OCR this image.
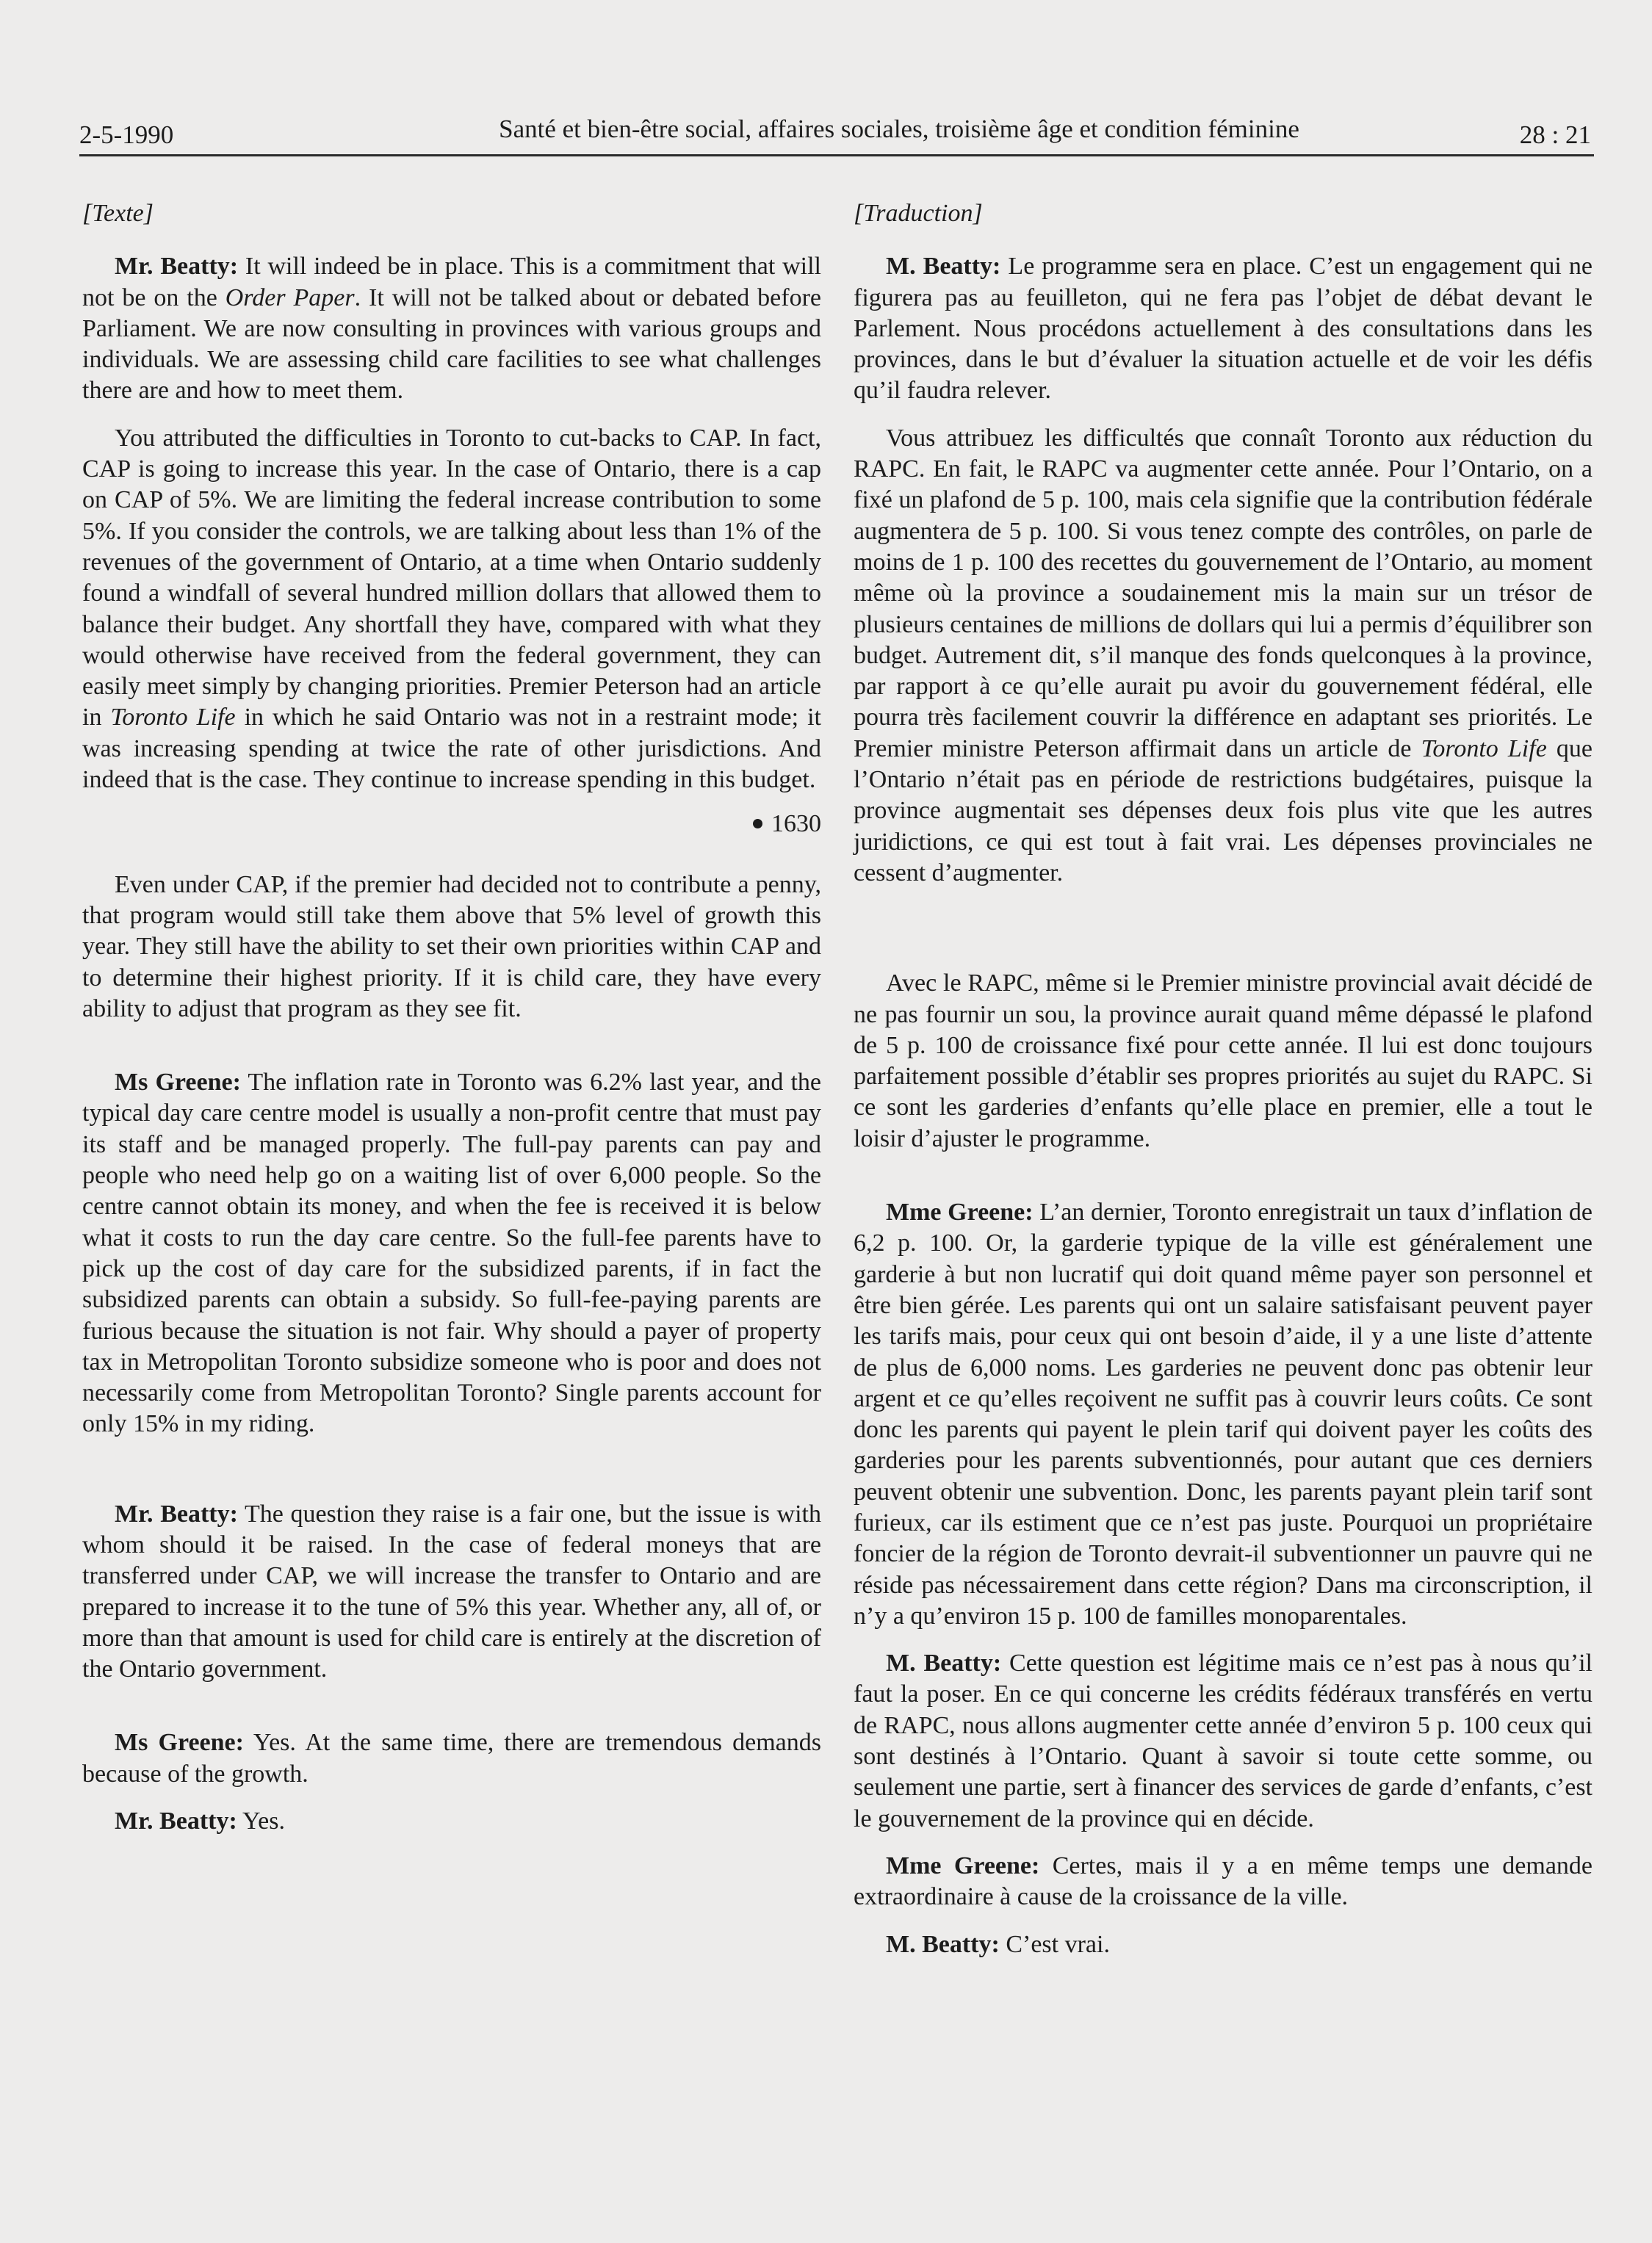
2-5-1990	Santé et bien-être social, affaires sociales, troisième âge et condition féminine	28 : 21

[Texte]

Mr. Beatty: It will indeed be in place. This is a commitment that will not be on the Order Paper. It will not be talked about or debated before Parliament. We are now consulting in provinces with various groups and individuals. We are assessing child care facilities to see what challenges there are and how to meet them.

You attributed the difficulties in Toronto to cut-backs to CAP. In fact, CAP is going to increase this year. In the case of Ontario, there is a cap on CAP of 5%. We are limiting the federal increase contribution to some 5%. If you consider the controls, we are talking about less than 1% of the revenues of the government of Ontario, at a time when Ontario suddenly found a windfall of several hundred million dollars that allowed them to balance their budget. Any shortfall they have, compared with what they would otherwise have received from the federal government, they can easily meet simply by changing priorities. Premier Peterson had an article in Toronto Life in which he said Ontario was not in a restraint mode; it was increasing spending at twice the rate of other jurisdictions. And indeed that is the case. They continue to increase spending in this budget.

1630

Even under CAP, if the premier had decided not to contribute a penny, that program would still take them above that 5% level of growth this year. They still have the ability to set their own priorities within CAP and to determine their highest priority. If it is child care, they have every ability to adjust that program as they see fit.

Ms Greene: The inflation rate in Toronto was 6.2% last year, and the typical day care centre model is usually a non-profit centre that must pay its staff and be managed properly. The full-pay parents can pay and people who need help go on a waiting list of over 6,000 people. So the centre cannot obtain its money, and when the fee is received it is below what it costs to run the day care centre. So the full-fee parents have to pick up the cost of day care for the subsidized parents, if in fact the subsidized parents can obtain a subsidy. So full-fee-paying parents are furious because the situation is not fair. Why should a payer of property tax in Metropolitan Toronto subsidize someone who is poor and does not necessarily come from Metropolitan Toronto? Single parents account for only 15% in my riding.

Mr. Beatty: The question they raise is a fair one, but the issue is with whom should it be raised. In the case of federal moneys that are transferred under CAP, we will increase the transfer to Ontario and are prepared to increase it to the tune of 5% this year. Whether any, all of, or more than that amount is used for child care is entirely at the discretion of the Ontario government.

Ms Greene: Yes. At the same time, there are tremendous demands because of the growth.

Mr. Beatty: Yes.

[Traduction]

M. Beatty: Le programme sera en place. C’est un engagement qui ne figurera pas au feuilleton, qui ne fera pas l’objet de débat devant le Parlement. Nous procédons actuellement à des consultations dans les provinces, dans le but d’évaluer la situation actuelle et de voir les défis qu’il faudra relever.

Vous attribuez les difficultés que connaît Toronto aux réduction du RAPC. En fait, le RAPC va augmenter cette année. Pour l’Ontario, on a fixé un plafond de 5 p. 100, mais cela signifie que la contribution fédérale augmentera de 5 p. 100. Si vous tenez compte des contrôles, on parle de moins de 1 p. 100 des recettes du gouvernement de l’Ontario, au moment même où la province a soudainement mis la main sur un trésor de plusieurs centaines de millions de dollars qui lui a permis d’équilibrer son budget. Autrement dit, s’il manque des fonds quelconques à la province, par rapport à ce qu’elle aurait pu avoir du gouvernement fédéral, elle pourra très facilement couvrir la différence en adaptant ses priorités. Le Premier ministre Peterson affirmait dans un article de Toronto Life que l’Ontario n’était pas en période de restrictions budgétaires, puisque la province augmentait ses dépenses deux fois plus vite que les autres juridictions, ce qui est tout à fait vrai. Les dépenses provinciales ne cessent d’augmenter.

Avec le RAPC, même si le Premier ministre provincial avait décidé de ne pas fournir un sou, la province aurait quand même dépassé le plafond de 5 p. 100 de croissance fixé pour cette année. Il lui est donc toujours parfaitement possible d’établir ses propres priorités au sujet du RAPC. Si ce sont les garderies d’enfants qu’elle place en premier, elle a tout le loisir d’ajuster le programme.

Mme Greene: L’an dernier, Toronto enregistrait un taux d’inflation de 6,2 p. 100. Or, la garderie typique de la ville est généralement une garderie à but non lucratif qui doit quand même payer son personnel et être bien gérée. Les parents qui ont un salaire satisfaisant peuvent payer les tarifs mais, pour ceux qui ont besoin d’aide, il y a une liste d’attente de plus de 6,000 noms. Les garderies ne peuvent donc pas obtenir leur argent et ce qu’elles reçoivent ne suffit pas à couvrir leurs coûts. Ce sont donc les parents qui payent le plein tarif qui doivent payer les coûts des garderies pour les parents subventionnés, pour autant que ces derniers peuvent obtenir une subvention. Donc, les parents payant plein tarif sont furieux, car ils estiment que ce n’est pas juste. Pourquoi un propriétaire foncier de la région de Toronto devrait-il subventionner un pauvre qui ne réside pas nécessairement dans cette région? Dans ma circonscription, il n’y a qu’environ 15 p. 100 de familles monoparentales.

M. Beatty: Cette question est légitime mais ce n’est pas à nous qu’il faut la poser. En ce qui concerne les crédits fédéraux transférés en vertu de RAPC, nous allons augmenter cette année d’environ 5 p. 100 ceux qui sont destinés à l’Ontario. Quant à savoir si toute cette somme, ou seulement une partie, sert à financer des services de garde d’enfants, c’est le gouvernement de la province qui en décide.

Mme Greene: Certes, mais il y a en même temps une demande extraordinaire à cause de la croissance de la ville.

M. Beatty: C’est vrai.
